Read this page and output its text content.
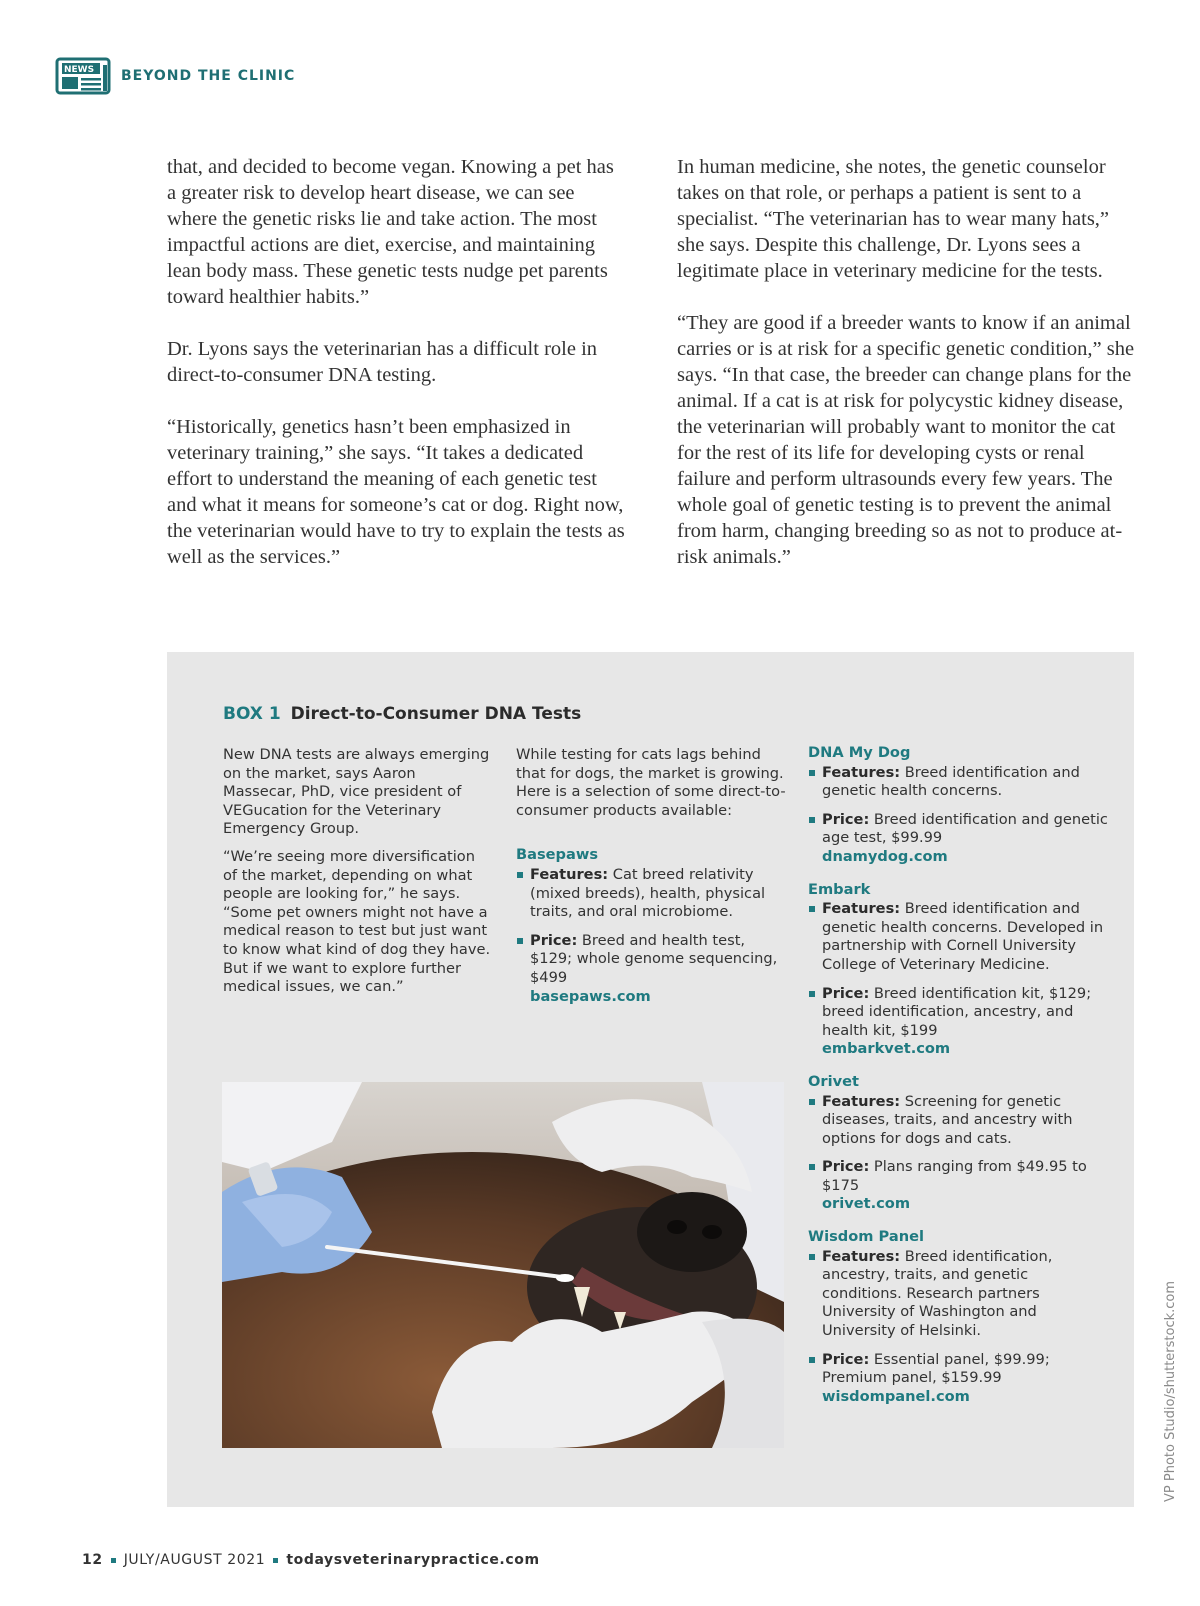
NEWS BEYOND THE CLINIC

that, and decided to become vegan. Knowing a pet has a greater risk to develop heart disease, we can see where the genetic risks lie and take action. The most impactful actions are diet, exercise, and maintaining lean body mass. These genetic tests nudge pet parents toward healthier habits.”

Dr. Lyons says the veterinarian has a difficult role in direct-to-consumer DNA testing.

“Historically, genetics hasn’t been emphasized in veterinary training,” she says. “It takes a dedicated effort to understand the meaning of each genetic test and what it means for someone’s cat or dog. Right now, the veterinarian would have to try to explain the tests as well as the services.”

In human medicine, she notes, the genetic counselor takes on that role, or perhaps a patient is sent to a specialist. “The veterinarian has to wear many hats,” she says. Despite this challenge, Dr. Lyons sees a legitimate place in veterinary medicine for the tests.

“They are good if a breeder wants to know if an animal carries or is at risk for a specific genetic condition,” she says. “In that case, the breeder can change plans for the animal. If a cat is at risk for polycystic kidney disease, the veterinarian will probably want to monitor the cat for the rest of its life for developing cysts or renal failure and perform ultrasounds every few years. The whole goal of genetic testing is to prevent the animal from harm, changing breeding so as not to produce at-risk animals.”

BOX 1 Direct-to-Consumer DNA Tests

New DNA tests are always emerging on the market, says Aaron Massecar, PhD, vice president of VEGucation for the Veterinary Emergency Group.

“We’re seeing more diversification of the market, depending on what people are looking for,” he says. “Some pet owners might not have a medical reason to test but just want to know what kind of dog they have. But if we want to explore further medical issues, we can.”

While testing for cats lags behind that for dogs, the market is growing. Here is a selection of some direct-to-consumer products available:

Basepaws
Features: Cat breed relativity (mixed breeds), health, physical traits, and oral microbiome.
Price: Breed and health test, $129; whole genome sequencing, $499
basepaws.com
DNA My Dog
Features: Breed identification and genetic health concerns.
Price: Breed identification and genetic age test, $99.99
dnamydog.com
Embark
Features: Breed identification and genetic health concerns. Developed in partnership with Cornell University College of Veterinary Medicine.
Price: Breed identification kit, $129; breed identification, ancestry, and health kit, $199
embarkvet.com
Orivet
Features: Screening for genetic diseases, traits, and ancestry with options for dogs and cats.
Price: Plans ranging from $49.95 to $175
orivet.com
Wisdom Panel
Features: Breed identification, ancestry, traits, and genetic conditions. Research partners University of Washington and University of Helsinki.
Price: Essential panel, $99.99; Premium panel, $159.99
wisdompanel.com	VP Photo Studio/shutterstock.com
12 JULY/AUGUST 2021 todaysveterinarypractice.com
